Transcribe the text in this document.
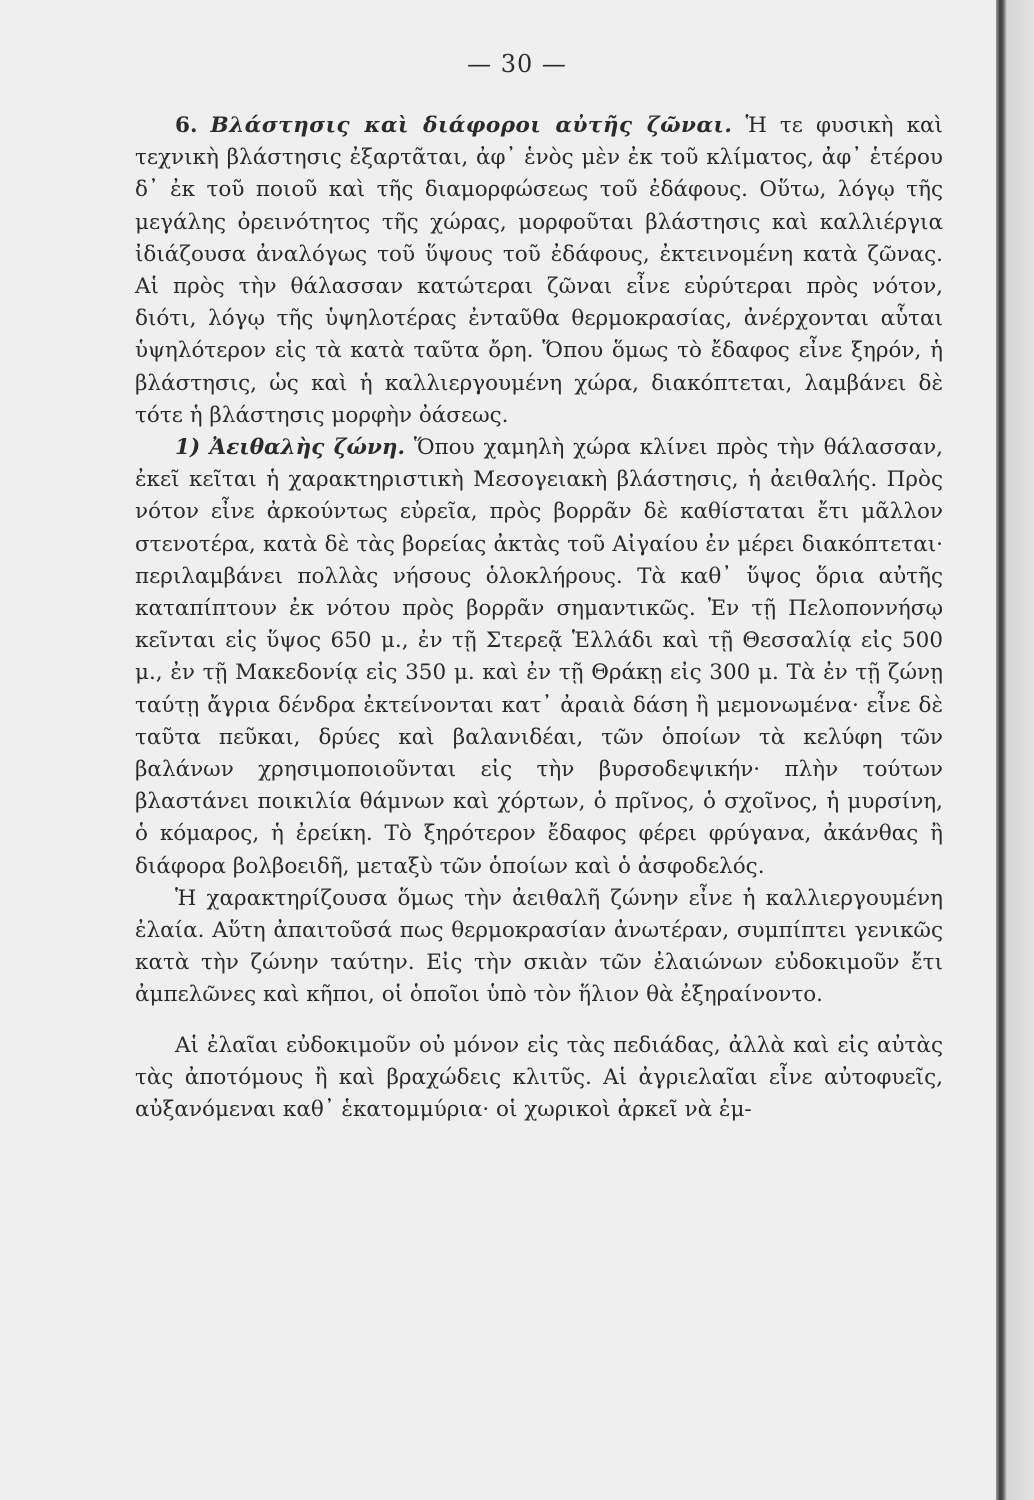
— 30 —

6. Βλάστησις καὶ διάφοροι αὐτῆς ζῶναι. Ἡ τε φυσικὴ καὶ τεχνικὴ βλάστησις ἐξαρτᾶται, ἀφ᾽ ἑνὸς μὲν ἐκ τοῦ κλίματος, ἀφ᾽ ἑτέρου δ᾽ ἐκ τοῦ ποιοῦ καὶ τῆς διαμορφώσεως τοῦ ἐδάφους. Οὕτω, λόγῳ τῆς μεγάλης ὀρεινότητος τῆς χώρας, μορφοῦται βλάστησις καὶ καλλιέργια ἰδιάζουσα ἀναλόγως τοῦ ὕψους τοῦ ἐδάφους, ἐκτεινομένη κατὰ ζῶνας. Αἱ πρὸς τὴν θάλασσαν κατώτεραι ζῶναι εἶνε εὐρύτεραι πρὸς νότον, διότι, λόγῳ τῆς ὑψηλοτέρας ἐνταῦθα θερμοκρασίας, ἀνέρχονται αὗται ὑψηλότερον εἰς τὰ κατὰ ταῦτα ὄρη. Ὅπου ὅμως τὸ ἔδαφος εἶνε ξηρόν, ἡ βλάστησις, ὡς καὶ ἡ καλλιεργουμένη χώρα, διακόπτεται, λαμβάνει δὲ τότε ἡ βλάστησις μορφὴν ὀάσεως.

1) Ἀειθαλὴς ζώνη. Ὅπου χαμηλὴ χώρα κλίνει πρὸς τὴν θάλασσαν, ἐκεῖ κεῖται ἡ χαρακτηριστικὴ Μεσογειακὴ βλάστησις, ἡ ἀειθαλής. Πρὸς νότον εἶνε ἀρκούντως εὐρεῖα, πρὸς βορρᾶν δὲ καθίσταται ἔτι μᾶλλον στενοτέρα, κατὰ δὲ τὰς βορείας ἀκτὰς τοῦ Αἰγαίου ἐν μέρει διακόπτεται· περιλαμβάνει πολλὰς νήσους ὁλοκλήρους. Τὰ καθ᾽ ὕψος ὅρια αὐτῆς καταπίπτουν ἐκ νότου πρὸς βορρᾶν σημαντικῶς. Ἐν τῇ Πελοποννήσῳ κεῖνται εἰς ὕψος 650 μ., ἐν τῇ Στερεᾷ Ἑλλάδι καὶ τῇ Θεσσαλίᾳ εἰς 500 μ., ἐν τῇ Μακεδονίᾳ εἰς 350 μ. καὶ ἐν τῇ Θράκῃ εἰς 300 μ. Τὰ ἐν τῇ ζώνῃ ταύτῃ ἄγρια δένδρα ἐκτείνονται κατ᾽ ἀραιὰ δάση ἢ μεμονωμένα· εἶνε δὲ ταῦτα πεῦκαι, δρύες καὶ βαλανιδέαι, τῶν ὁποίων τὰ κελύφη τῶν βαλάνων χρησιμοποιοῦνται εἰς τὴν βυρσοδεψικήν· πλὴν τούτων βλαστάνει ποικιλία θάμνων καὶ χόρτων, ὁ πρῖνος, ὁ σχοῖνος, ἡ μυρσίνη, ὁ κόμαρος, ἡ ἐρείκη. Τὸ ξηρότερον ἔδαφος φέρει φρύγανα, ἀκάνθας ἢ διάφορα βολβοειδῆ, μεταξὺ τῶν ὁποίων καὶ ὁ ἀσφοδελός.

Ἡ χαρακτηρίζουσα ὅμως τὴν ἀειθαλῆ ζώνην εἶνε ἡ καλλιεργουμένη ἐλαία. Αὕτη ἀπαιτοῦσά πως θερμοκρασίαν ἀνωτέραν, συμπίπτει γενικῶς κατὰ τὴν ζώνην ταύτην. Εἰς τὴν σκιὰν τῶν ἐλαιώνων εὐδοκιμοῦν ἔτι ἀμπελῶνες καὶ κῆποι, οἱ ὁποῖοι ὑπὸ τὸν ἥλιον θὰ ἐξηραίνοντο.

Αἱ ἐλαῖαι εὐδοκιμοῦν οὐ μόνον εἰς τὰς πεδιάδας, ἀλλὰ καὶ εἰς αὐτὰς τὰς ἀποτόμους ἢ καὶ βραχώδεις κλιτῦς. Αἱ ἀγριελαῖαι εἶνε αὐτοφυεῖς, αὐξανόμεναι καθ᾽ ἑκατομμύρια· οἱ χωρικοὶ ἀρκεῖ νὰ ἐμ-
